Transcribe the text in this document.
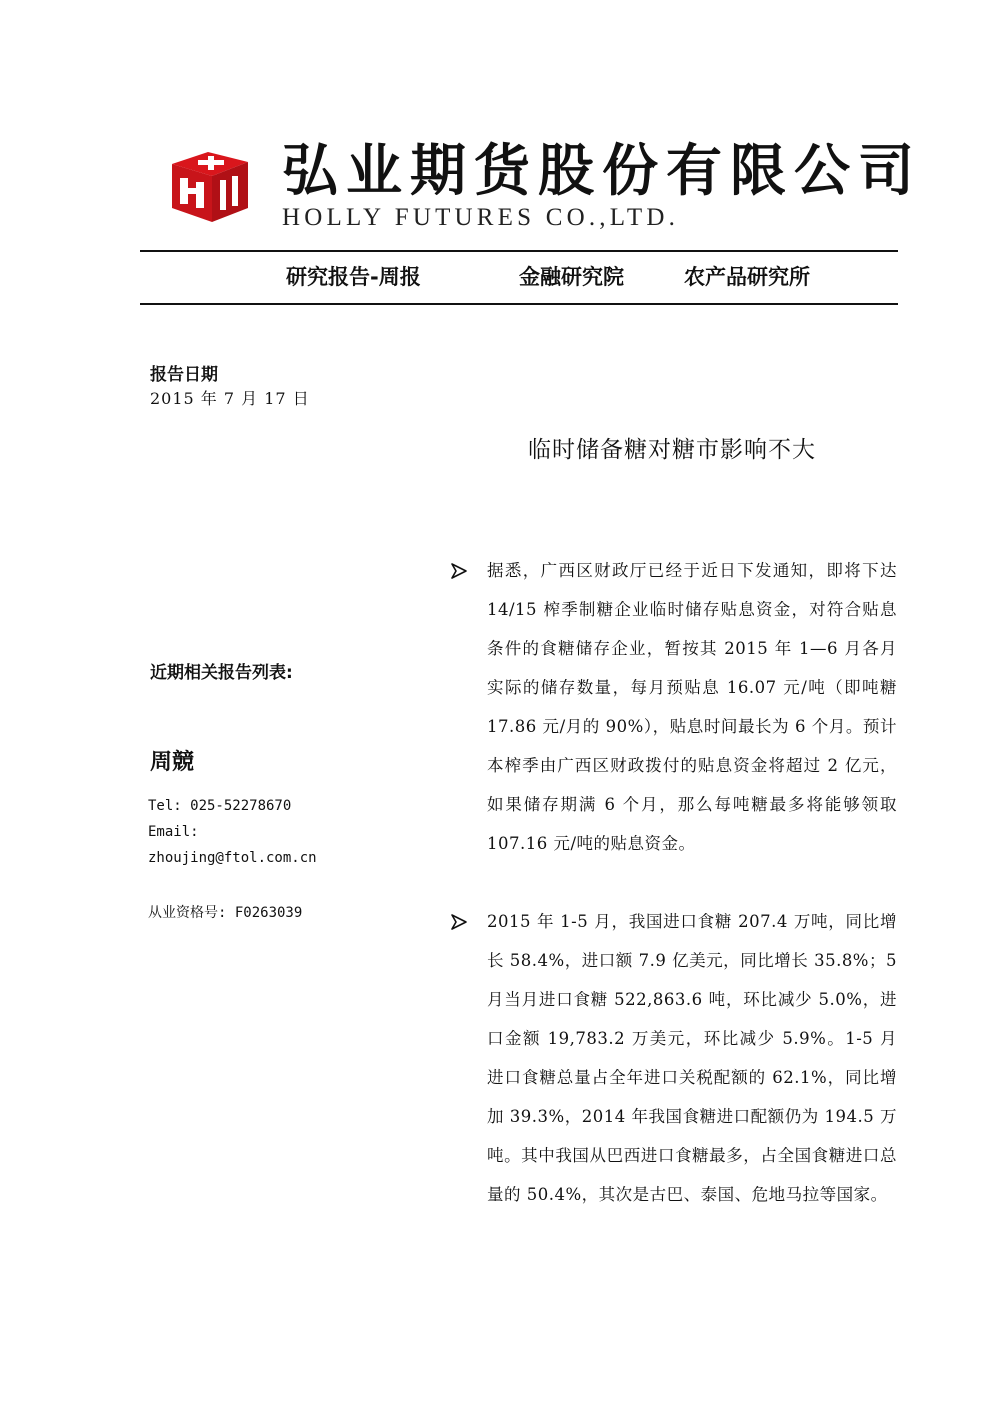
弘业期货股份有限公司
HOLLY FUTURES CO.,LTD.
研究报告-周报	金融研究院	农产品研究所
报告日期
2015 年 7 月 17 日
临时储备糖对糖市影响不大
近期相关报告列表:
周競
Tel: 025-52278670
Email:
zhoujing@ftol.com.cn
从业资格号: F0263039
据悉，广西区财政厅已经于近日下发通知，即将下达 14/15 榨季制糖企业临时储存贴息资金，对符合贴息条件的食糖储存企业，暂按其 2015 年 1—6 月各月实际的储存数量，每月预贴息 16.07 元/吨（即吨糖 17.86 元/月的 90%），贴息时间最长为 6 个月。预计本榨季由广西区财政拨付的贴息资金将超过 2 亿元，如果储存期满 6 个月，那么每吨糖最多将能够领取 107.16 元/吨的贴息资金。
2015 年 1-5 月，我国进口食糖 207.4 万吨，同比增长 58.4%，进口额 7.9 亿美元，同比增长 35.8%；5 月当月进口食糖 522,863.6 吨，环比减少 5.0%，进口金额 19,783.2 万美元，环比减少 5.9%。1-5 月进口食糖总量占全年进口关税配额的 62.1%，同比增加 39.3%，2014 年我国食糖进口配额仍为 194.5 万吨。其中我国从巴西进口食糖最多，占全国食糖进口总量的 50.4%，其次是古巴、泰国、危地马拉等国家。
